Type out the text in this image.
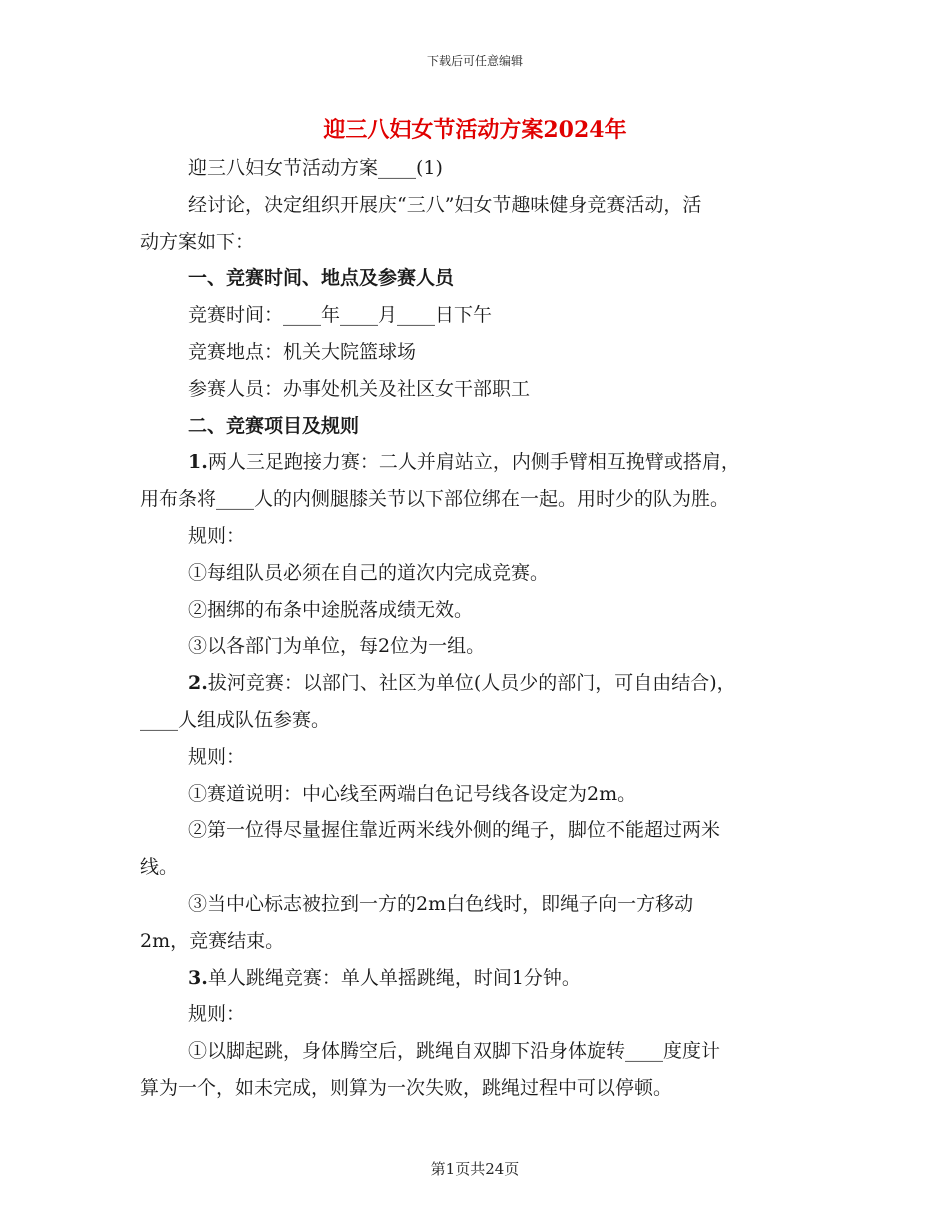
下载后可任意编辑
迎三八妇女节活动方案2024年
迎三八妇女节活动方案____(1)
经讨论，决定组织开展庆“三八”妇女节趣味健身竞赛活动，活
动方案如下：
一、竞赛时间、地点及参赛人员
竞赛时间：____年____月____日下午
竞赛地点：机关大院篮球场
参赛人员：办事处机关及社区女干部职工
二、竞赛项目及规则
1.两人三足跑接力赛：二人并肩站立，内侧手臂相互挽臂或搭肩，
用布条将____人的内侧腿膝关节以下部位绑在一起。用时少的队为胜。
规则：
①每组队员必须在自己的道次内完成竞赛。
②捆绑的布条中途脱落成绩无效。
③以各部门为单位，每2位为一组。
2.拔河竞赛：以部门、社区为单位(人员少的部门，可自由结合)，
____人组成队伍参赛。
规则：
①赛道说明：中心线至两端白色记号线各设定为2m。
②第一位得尽量握住靠近两米线外侧的绳子，脚位不能超过两米
线。
③当中心标志被拉到一方的2m白色线时，即绳子向一方移动
2m，竞赛结束。
3.单人跳绳竞赛：单人单摇跳绳，时间1分钟。
规则：
①以脚起跳，身体腾空后，跳绳自双脚下沿身体旋转____度度计
算为一个，如未完成，则算为一次失败，跳绳过程中可以停顿。
第1页共24页
